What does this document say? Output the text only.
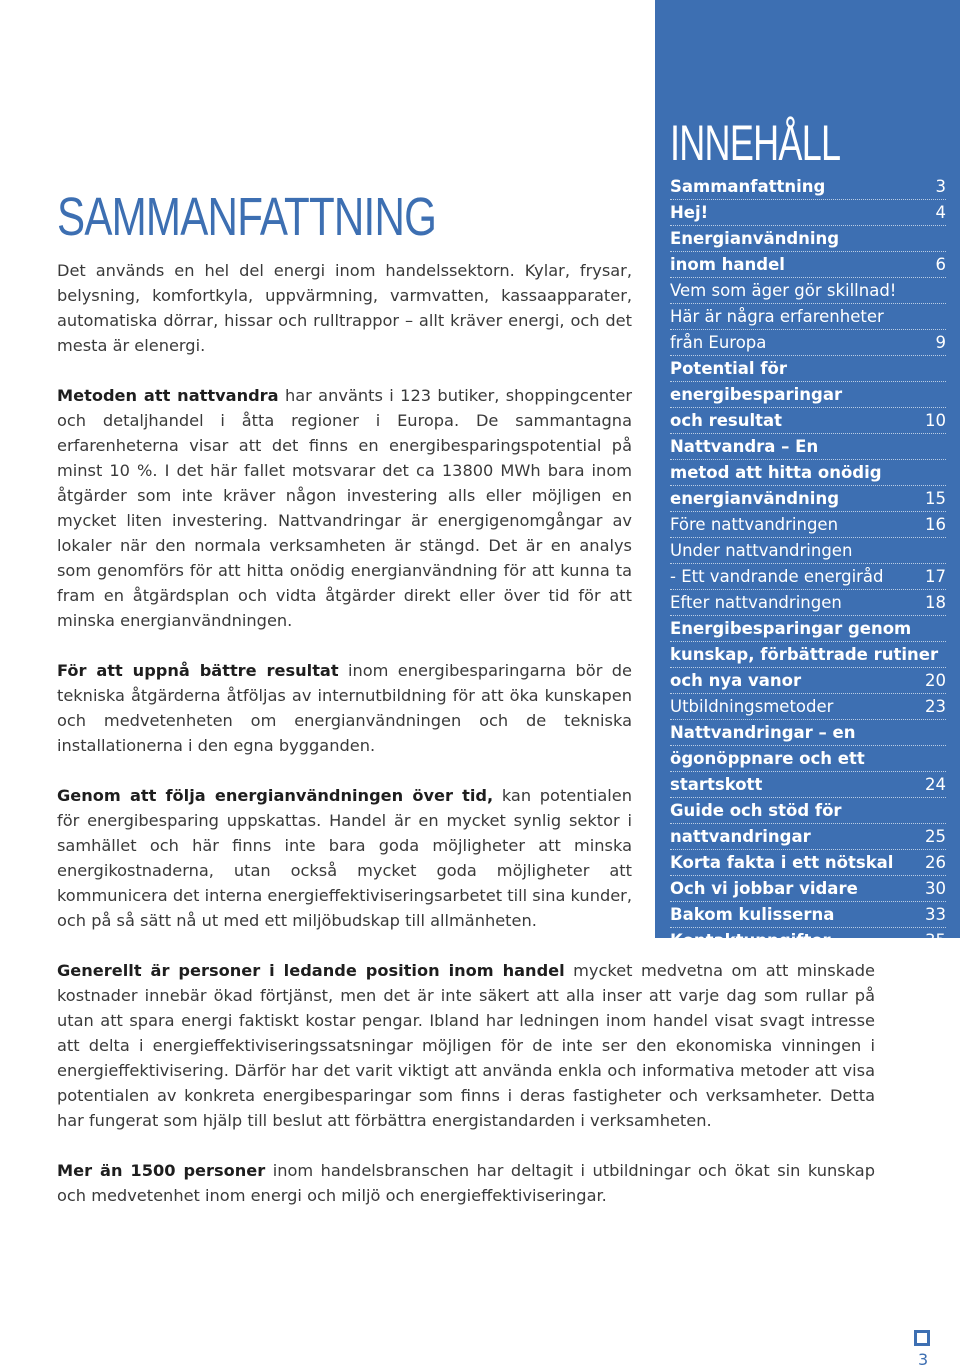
SAMMANFATTNING

Det används en hel del energi inom handelssektorn. Kylar, frysar, belysning, komfortkyla, uppvärmning, varmvatten, kassaapparater, automatiska dörrar, hissar och rulltrappor – allt kräver energi, och det mesta är elenergi.

Metoden att nattvandra har använts i 123 butiker, shoppingcenter och detaljhandel i åtta regioner i Europa. De sammantagna erfarenheterna visar att det finns en energibesparingspotential på minst 10 %. I det här fallet motsvarar det ca 13800 MWh bara inom åtgärder som inte kräver någon investering alls eller möjligen en mycket liten investering. Nattvandringar är energigenomgångar av lokaler när den normala verksamheten är stängd. Det är en analys som genomförs för att hitta onödig energianvändning för att kunna ta fram en åtgärdsplan och vidta åtgärder direkt eller över tid för att minska energianvändningen.

För att uppnå bättre resultat inom energibesparingarna bör de tekniska åtgärderna åtföljas av internutbildning för att öka kunskapen och medvetenheten om energianvändningen och de tekniska installationerna i den egna bygganden.

Genom att följa energianvändningen över tid, kan potentialen för energibesparing uppskattas. Handel är en mycket synlig sektor i samhället och här finns inte bara goda möjligheter att minska energikostnaderna, utan också mycket goda möjligheter att kommunicera det interna energieffektiviseringsarbetet till sina kunder, och på så sätt nå ut med ett miljöbudskap till allmänheten.

Generellt är personer i ledande position inom handel mycket medvetna om att minskade kostnader innebär ökad förtjänst, men det är inte säkert att alla inser att varje dag som rullar på utan att spara energi faktiskt kostar pengar. Ibland har ledningen inom handel visat svagt intresse att delta i energieffektiviseringssatsningar möjligen för de inte ser den ekonomiska vinningen i energieffektivisering. Därför har det varit viktigt att använda enkla och informativa metoder att visa potentialen av konkreta energibesparingar som finns i deras fastigheter och verksamheter. Detta har fungerat som hjälp till beslut att förbättra energistandarden i verksamheten.

Mer än 1500 personer inom handelsbranschen har deltagit i utbildningar och ökat sin kunskap och medvetenhet inom energi och miljö och energieffektiviseringar.

INNEHÅLL
Sammanfattning	3
Hej!	4
Energianvändning
inom handel	6
Vem som äger gör skillnad!
Här är några erfarenheter
från Europa	9
Potential för
energibesparingar
och resultat	10
Nattvandra – En
metod att hitta onödig
energianvändning	15
Före nattvandringen	16
Under nattvandringen
- Ett vandrande energiråd	17
Efter nattvandringen	18
Energibesparingar genom
kunskap, förbättrade rutiner
och nya vanor	20
Utbildningsmetoder	23
Nattvandringar – en
ögonöppnare och ett
startskott	24
Guide och stöd för
nattvandringar	25
Korta fakta i ett nötskal	26
Och vi jobbar vidare	30
Bakom kulisserna	33
Kontaktuppgifter	35
3
